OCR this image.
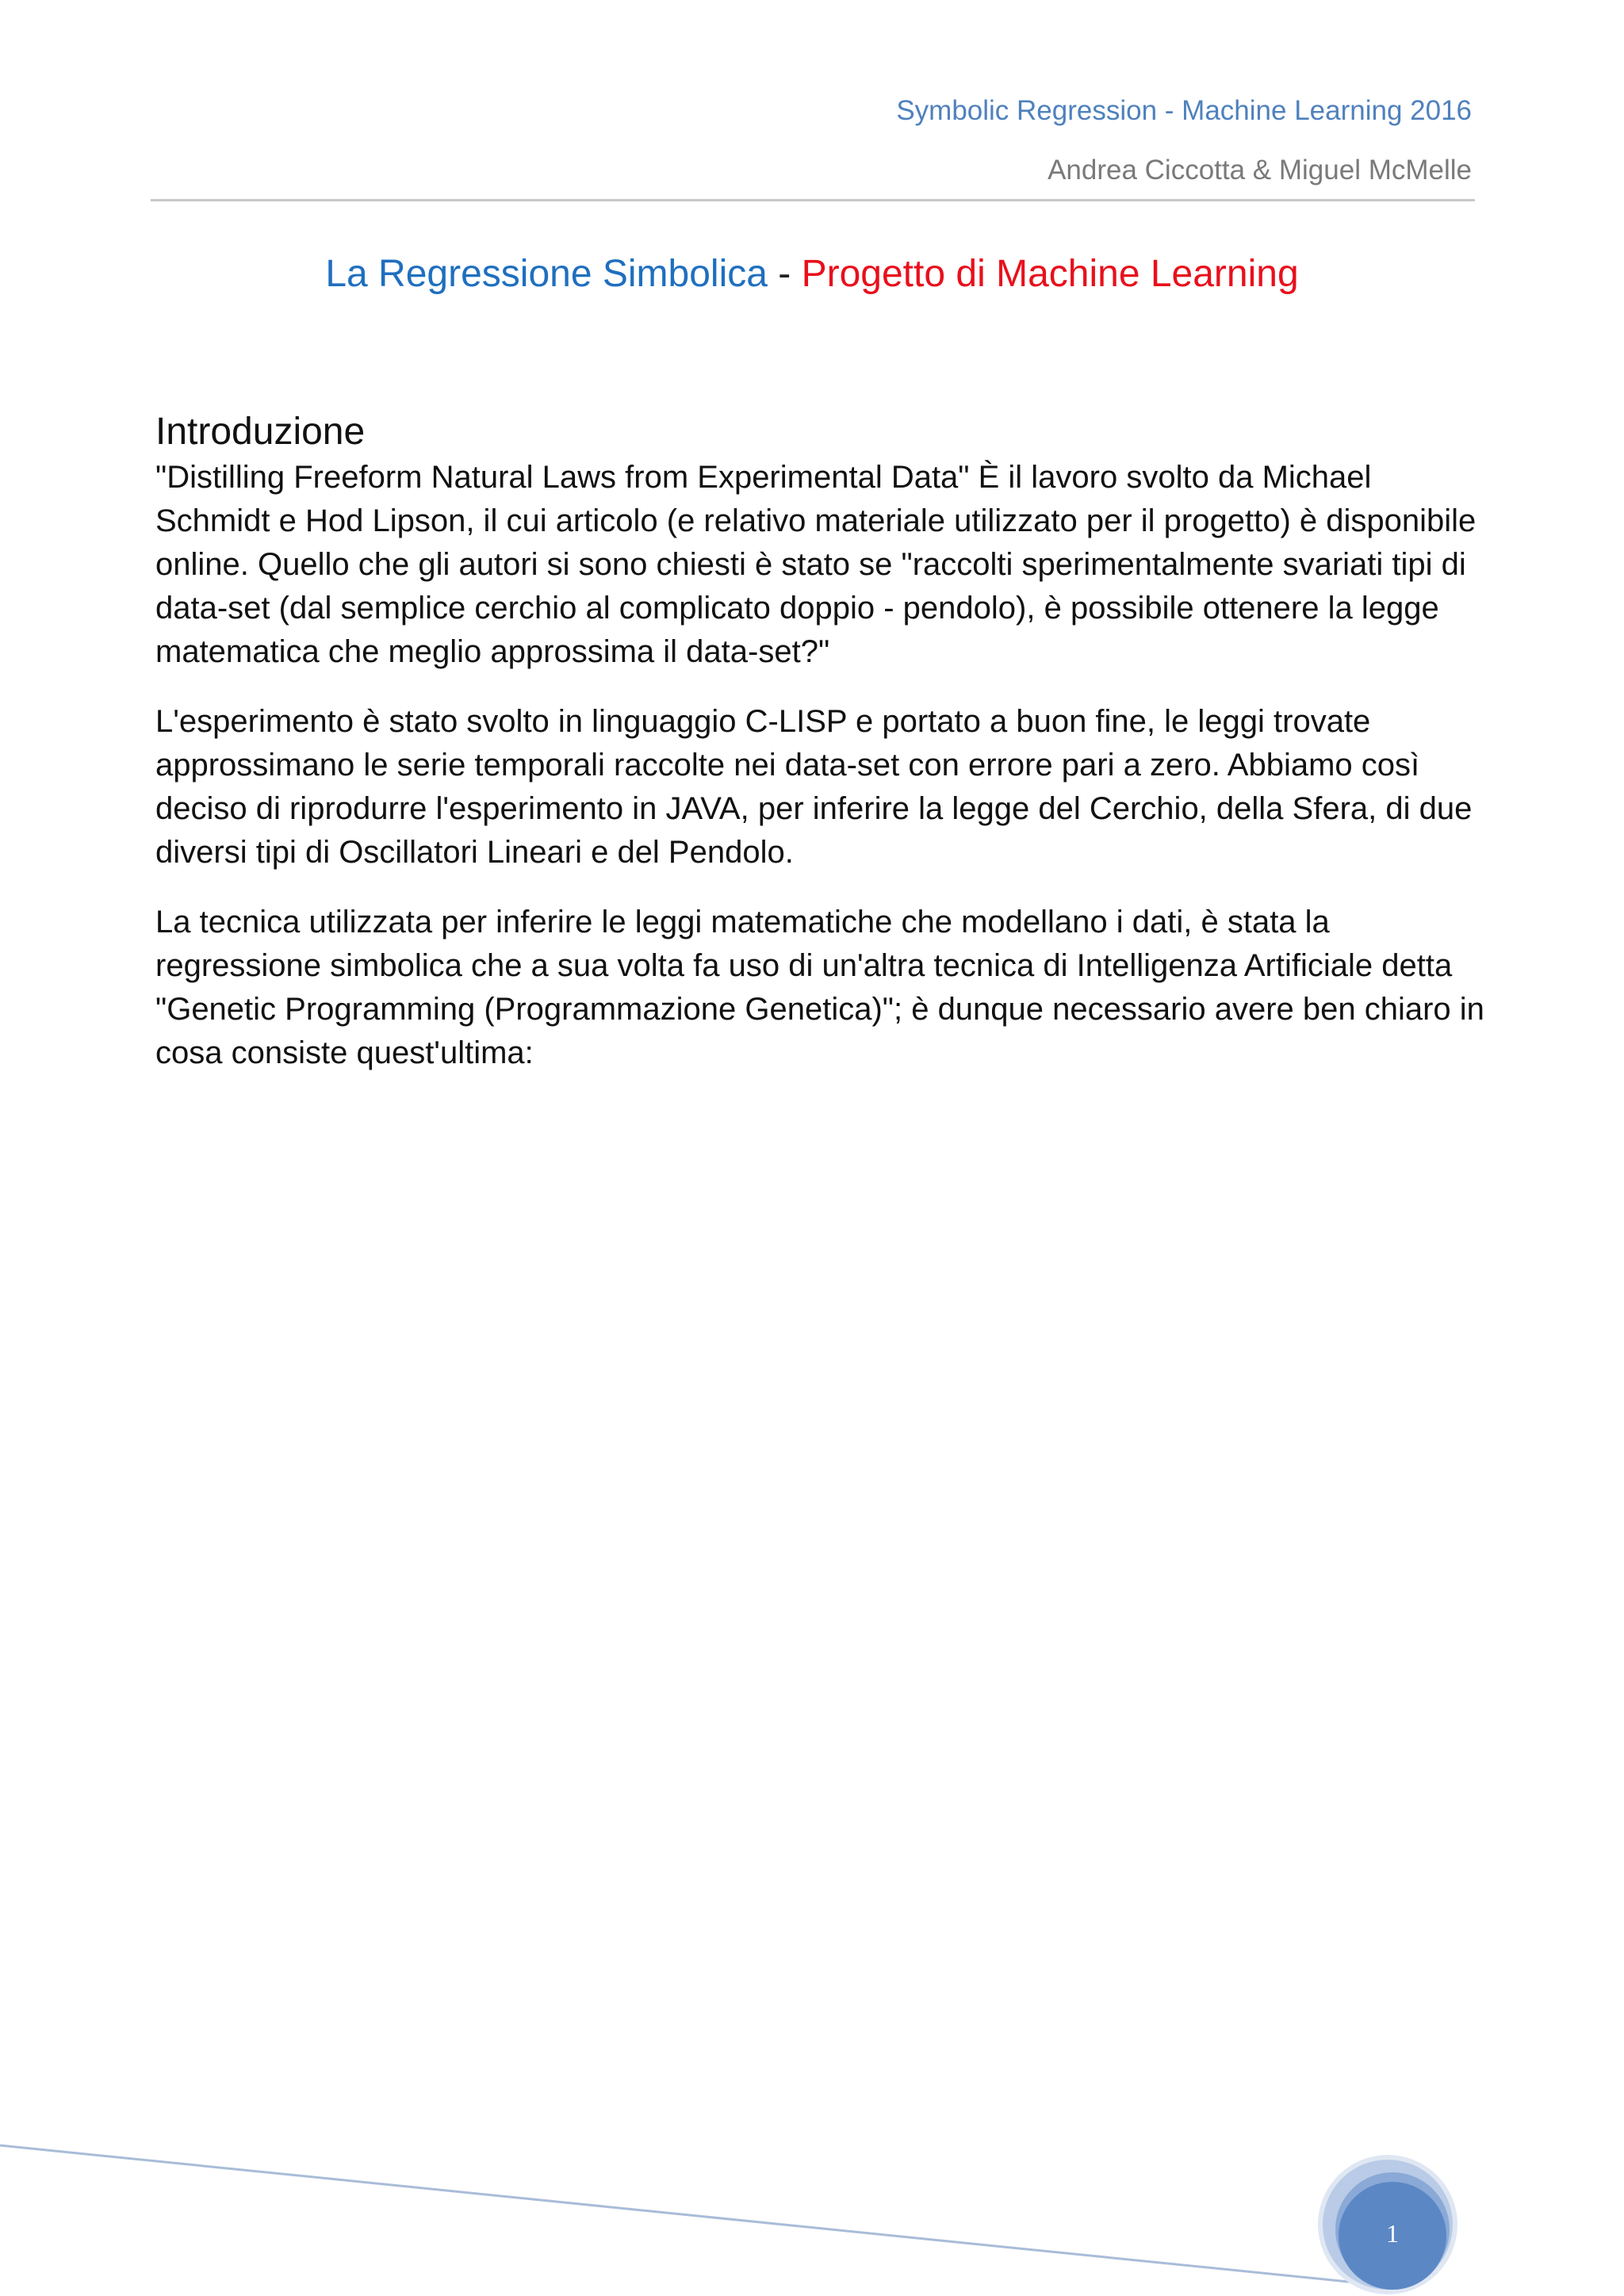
Symbolic Regression - Machine Learning 2016
Andrea Ciccotta & Miguel McMelle
La Regressione Simbolica - Progetto di Machine Learning
Introduzione

"Distilling Freeform Natural Laws from Experimental Data" È il lavoro svolto da Michael Schmidt e Hod Lipson, il cui articolo (e relativo materiale utilizzato per il progetto) è disponibile online. Quello che gli autori si sono chiesti è stato se "raccolti sperimentalmente svariati tipi di data-set (dal semplice cerchio al complicato doppio - pendolo), è possibile ottenere la legge matematica che meglio approssima il data-set?"

L'esperimento è stato svolto in linguaggio C-LISP e portato a buon fine, le leggi trovate approssimano le serie temporali raccolte nei data-set con errore pari a zero. Abbiamo così deciso di riprodurre l'esperimento in JAVA, per inferire la legge del Cerchio, della Sfera, di due diversi tipi di Oscillatori Lineari e del Pendolo.

La tecnica utilizzata per inferire le leggi matematiche che modellano i dati, è stata la regressione simbolica che a sua volta fa uso di un'altra tecnica di Intelligenza Artificiale detta "Genetic Programming (Programmazione Genetica)"; è dunque necessario avere ben chiaro in cosa consiste quest'ultima:

1
